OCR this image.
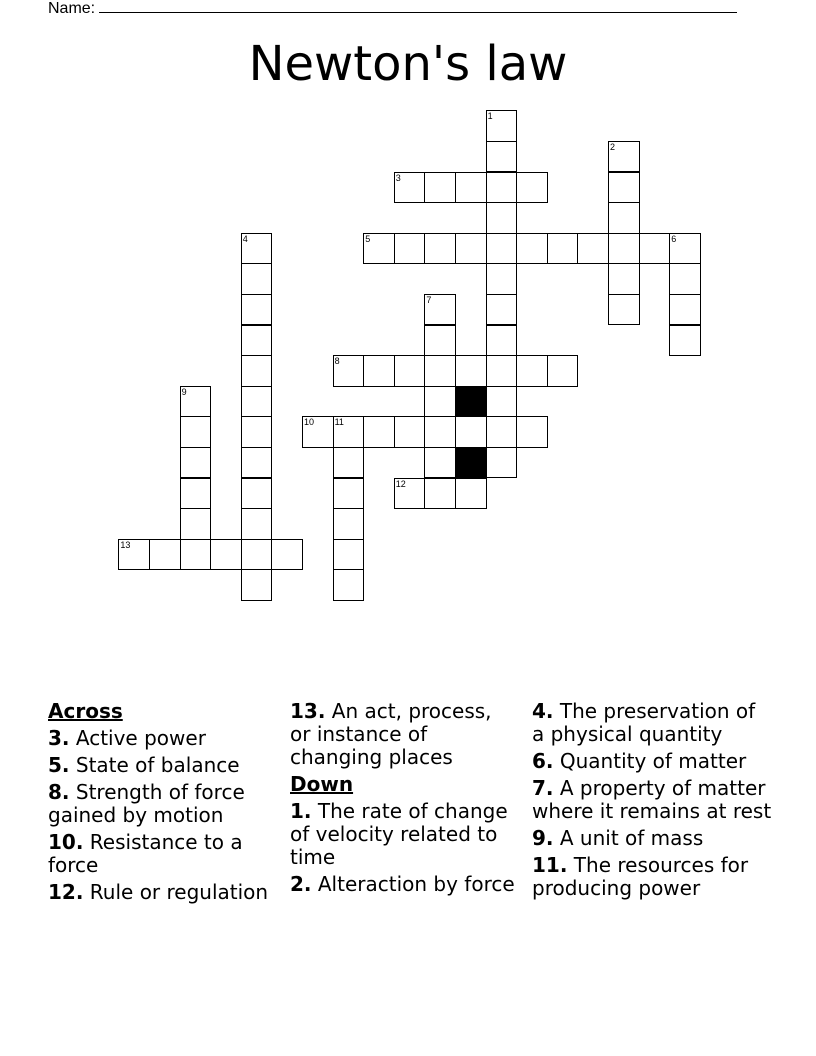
Name:
Newton's law
1
2
3
4	5	6
7
8
9
10 11
12
13
Across
3. Active power
5. State of balance
8. Strength of force gained by motion
10. Resistance to a force
12. Rule or regulation
13. An act, process, or instance of changing places
Down
1. The rate of change of velocity related to time
2. Alteraction by force
4. The preservation of a physical quantity
6. Quantity of matter
7. A property of matter where it remains at rest
9. A unit of mass
11. The resources for producing power
